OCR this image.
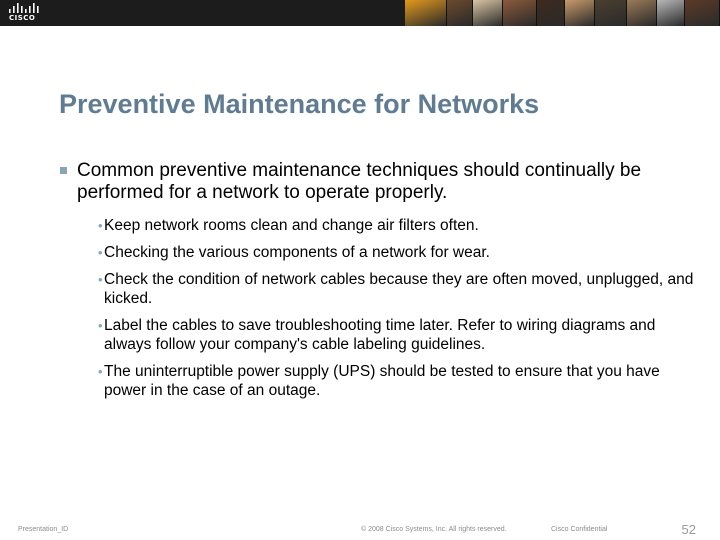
CISCO
Preventive Maintenance for Networks
Common preventive maintenance techniques should continually be performed for a network to operate properly.
• Keep network rooms clean and change air filters often.
• Checking the various components of a network for wear.
• Check the condition of network cables because they are often moved, unplugged, and kicked.
• Label the cables to save troubleshooting time later. Refer to wiring diagrams and always follow your company's cable labeling guidelines.
• The uninterruptible power supply (UPS) should be tested to ensure that you have power in the case of an outage.
Presentation_ID	© 2008 Cisco Systems, Inc. All rights reserved.	Cisco Confidential	52
